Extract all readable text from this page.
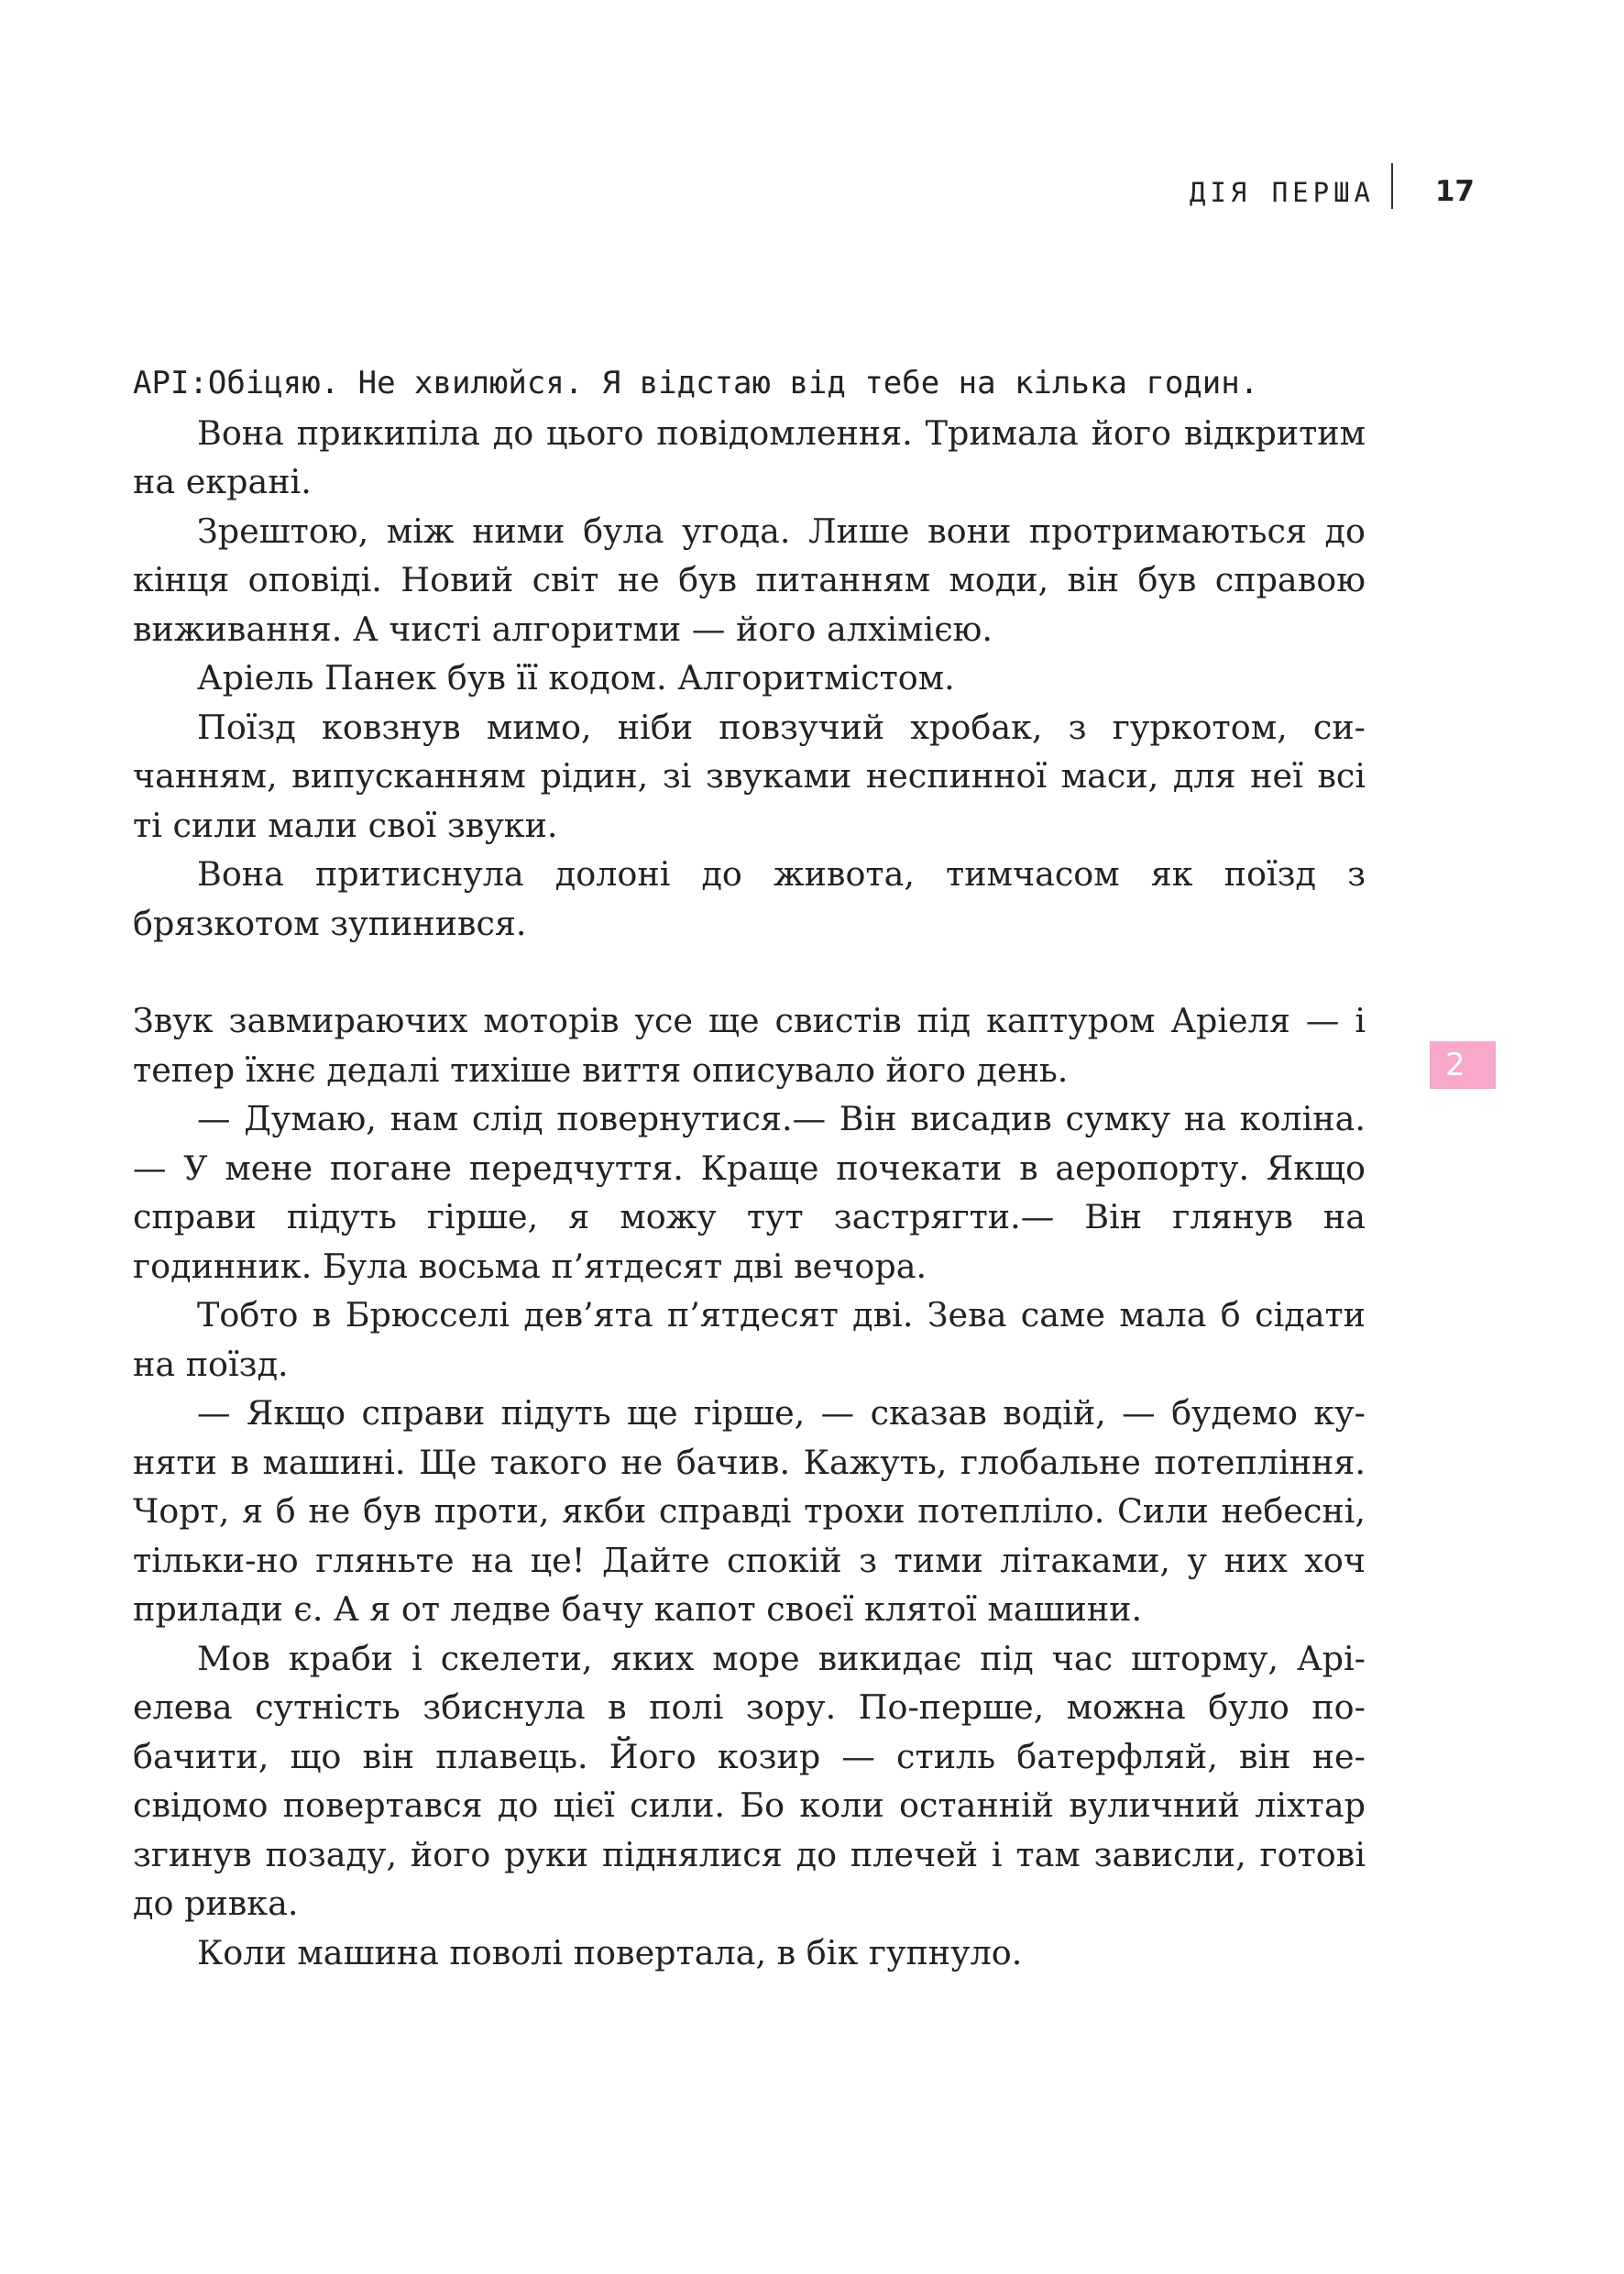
ДІЯ ПЕРША 17
2

АРІ:Обіцяю. Не хвилюйся. Я відстаю від тебе на кілька годин.

Вона прикипіла до цього повідомлення. Тримала його відкритим на екрані.

Зрештою, між ними була угода. Лише вони протримаються до кінця оповіді. Новий світ не був питанням моди, він був справою виживання. А чисті алгоритми — його алхімією.

Аріель Панек був її кодом. Алгоритмістом.

Поїзд ковзнув мимо, ніби повзучий хробак, з гуркотом, сичанням, випусканням рідин, зі звуками неспинної маси, для неї всі ті сили мали свої звуки.

Вона притиснула долоні до живота, тимчасом як поїзд з брязкотом зупинився.

Звук завмираючих моторів усе ще свистів під каптуром Аріеля — і тепер їхнє дедалі тихіше виття описувало його день.

— Думаю, нам слід повернутися.— Він висадив сумку на коліна.— У мене погане передчуття. Краще почекати в аеропорту. Якщо справи підуть гірше, я можу тут застрягти.— Він глянув на годинник. Була восьма п’ятдесят дві вечора.

Тобто в Брюсселі дев’ята п’ятдесят дві. Зева саме мала б сідати на поїзд.

— Якщо справи підуть ще гірше, — сказав водій, — будемо куняти в машині. Ще такого не бачив. Кажуть, глобальне потепління. Чорт, я б не був проти, якби справді трохи потепліло. Сили небесні, тільки-но гляньте на це! Дайте спокій з тими літаками, у них хоч прилади є. А я от ледве бачу капот своєї клятої машини.

Мов краби і скелети, яких море викидає під час шторму, Аріелева сутність збиснула в полі зору. По-перше, можна було побачити, що він плавець. Його козир — стиль батерфляй, він несвідомо повертався до цієї сили. Бо коли останній вуличний ліхтар згинув позаду, його руки піднялися до плечей і там зависли, готові до ривка.

Коли машина поволі повертала, в бік гупнуло.
